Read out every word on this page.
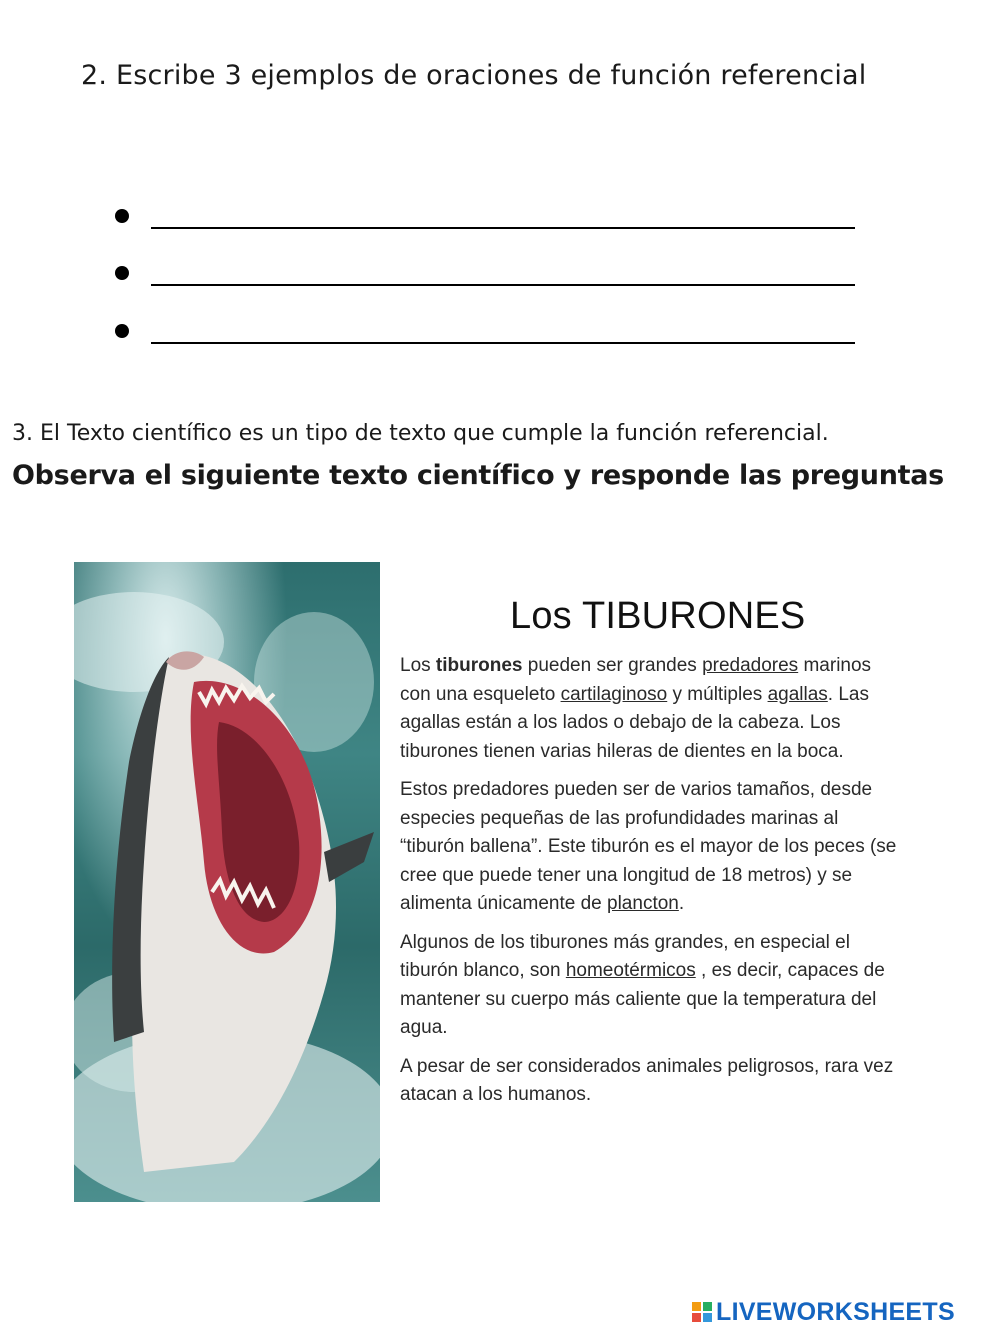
2. Escribe 3 ejemplos de oraciones de función referencial

3. El Texto científico es un tipo de texto que cumple la función referencial.

Observa el siguiente texto científico y responde las preguntas

Los TIBURONES

Los tiburones pueden ser grandes predadores marinos con una esqueleto cartilaginoso y múltiples agallas. Las agallas están a los lados o debajo de la cabeza. Los tiburones tienen varias hileras de dientes en la boca.

Estos predadores pueden ser de varios tamaños, desde especies pequeñas de las profundidades marinas al “tiburón ballena”. Este tiburón es el mayor de los peces (se cree que puede tener una longitud de 18 metros) y se alimenta únicamente de plancton.

Algunos de los tiburones más grandes, en especial el tiburón blanco, son homeotérmicos , es decir, capaces de mantener su cuerpo más caliente que la temperatura del agua.

A pesar de ser considerados animales peligrosos, rara vez atacan a los humanos.

LIVEWORKSHEETS
